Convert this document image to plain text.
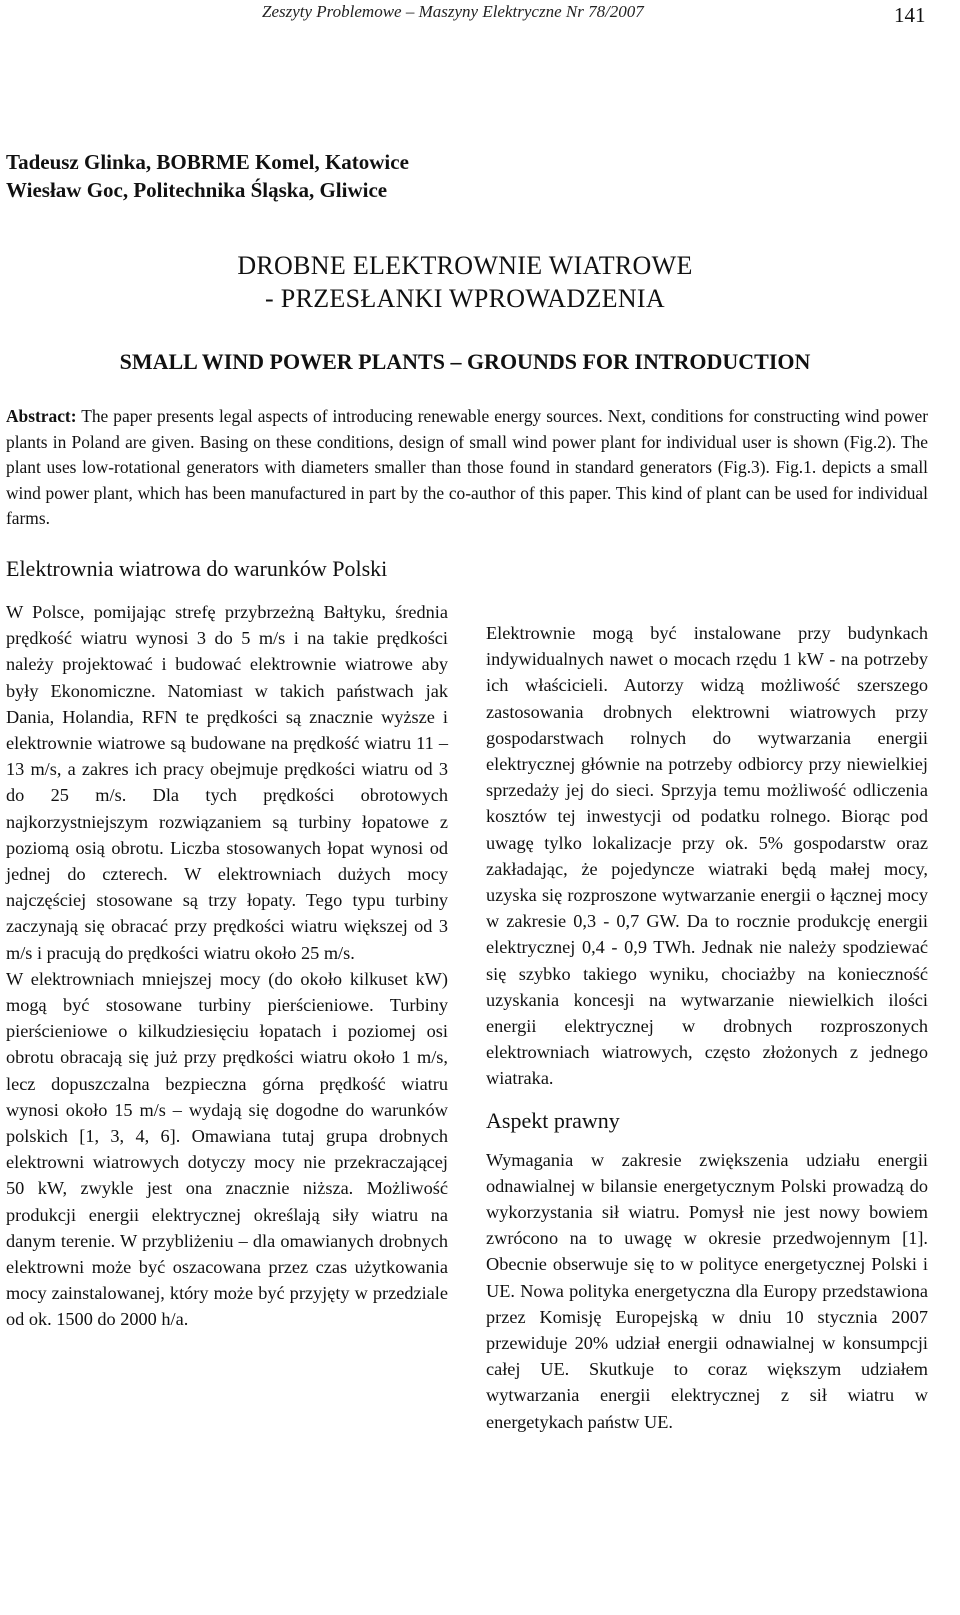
Zeszyty Problemowe – Maszyny Elektryczne Nr 78/2007	141
Tadeusz Glinka, BOBRME Komel, Katowice
Wiesław Goc, Politechnika Śląska, Gliwice
DROBNE ELEKTROWNIE WIATROWE
- PRZESŁANKI WPROWADZENIA
SMALL WIND POWER PLANTS – GROUNDS FOR INTRODUCTION
Abstract: The paper presents legal aspects of introducing renewable energy sources. Next, conditions for constructing wind power plants in Poland are given. Basing on these conditions, design of small wind power plant for individual user is shown (Fig.2). The plant uses low-rotational generators with diameters smaller than those found in standard generators (Fig.3). Fig.1. depicts a small wind power plant, which has been manufactured in part by the co-author of this paper. This kind of plant can be used for individual farms.
Elektrownia wiatrowa do warunków Polski

W Polsce, pomijając strefę przybrzeżną Bałtyku, średnia prędkość wiatru wynosi 3 do 5 m/s i na takie prędkości należy projektować i budować elektrownie wiatrowe aby były Ekonomiczne. Natomiast w takich państwach jak Dania, Holandia, RFN te prędkości są znacznie wyższe i elektrownie wiatrowe są budowane na prędkość wiatru 11 – 13 m/s, a zakres ich pracy obejmuje prędkości wiatru od 3 do 25 m/s. Dla tych prędkości obrotowych najkorzystniejszym rozwiązaniem są turbiny łopatowe z poziomą osią obrotu. Liczba stosowanych łopat wynosi od jednej do czterech. W elektrowniach dużych mocy najczęściej stosowane są trzy łopaty. Tego typu turbiny zaczynają się obracać przy prędkości wiatru większej od 3 m/s i pracują do prędkości wiatru około 25 m/s.

W elektrowniach mniejszej mocy (do około kilkuset kW) mogą być stosowane turbiny pierścieniowe. Turbiny pierścieniowe o kilkudziesięciu łopatach i poziomej osi obrotu obracają się już przy prędkości wiatru około 1 m/s, lecz dopuszczalna bezpieczna górna prędkość wiatru wynosi około 15 m/s – wydają się dogodne do warunków polskich [1, 3, 4, 6]. Omawiana tutaj grupa drobnych elektrowni wiatrowych dotyczy mocy nie przekraczającej 50 kW, zwykle jest ona znacznie niższa. Możliwość produkcji energii elektrycznej określają siły wiatru na danym terenie. W przybliżeniu – dla omawianych drobnych elektrowni może być oszacowana przez czas użytkowania mocy zainstalowanej, który może być przyjęty w przedziale od ok. 1500 do 2000 h/a.

Elektrownie mogą być instalowane przy budynkach indywidualnych nawet o mocach rzędu 1 kW - na potrzeby ich właścicieli. Autorzy widzą możliwość szerszego zastosowania drobnych elektrowni wiatrowych przy gospodarstwach rolnych do wytwarzania energii elektrycznej głównie na potrzeby odbiorcy przy niewielkiej sprzedaży jej do sieci. Sprzyja temu możliwość odliczenia kosztów tej inwestycji od podatku rolnego. Biorąc pod uwagę tylko lokalizacje przy ok. 5% gospodarstw oraz zakładając, że pojedyncze wiatraki będą małej mocy, uzyska się rozproszone wytwarzanie energii o łącznej mocy w zakresie 0,3 - 0,7 GW. Da to rocznie produkcję energii elektrycznej 0,4 - 0,9 TWh. Jednak nie należy spodziewać się szybko takiego wyniku, chociażby na konieczność uzyskania koncesji na wytwarzanie niewielkich ilości energii elektrycznej w drobnych rozproszonych elektrowniach wiatrowych, często złożonych z jednego wiatraka.

Aspekt prawny

Wymagania w zakresie zwiększenia udziału energii odnawialnej w bilansie energetycznym Polski prowadzą do wykorzystania sił wiatru. Pomysł nie jest nowy bowiem zwrócono na to uwagę w okresie przedwojennym [1]. Obecnie obserwuje się to w polityce energetycznej Polski i UE. Nowa polityka energetyczna dla Europy przedstawiona przez Komisję Europejską w dniu 10 stycznia 2007 przewiduje 20% udział energii odnawialnej w konsumpcji całej UE. Skutkuje to coraz większym udziałem wytwarzania energii elektrycznej z sił wiatru w energetykach państw UE.
